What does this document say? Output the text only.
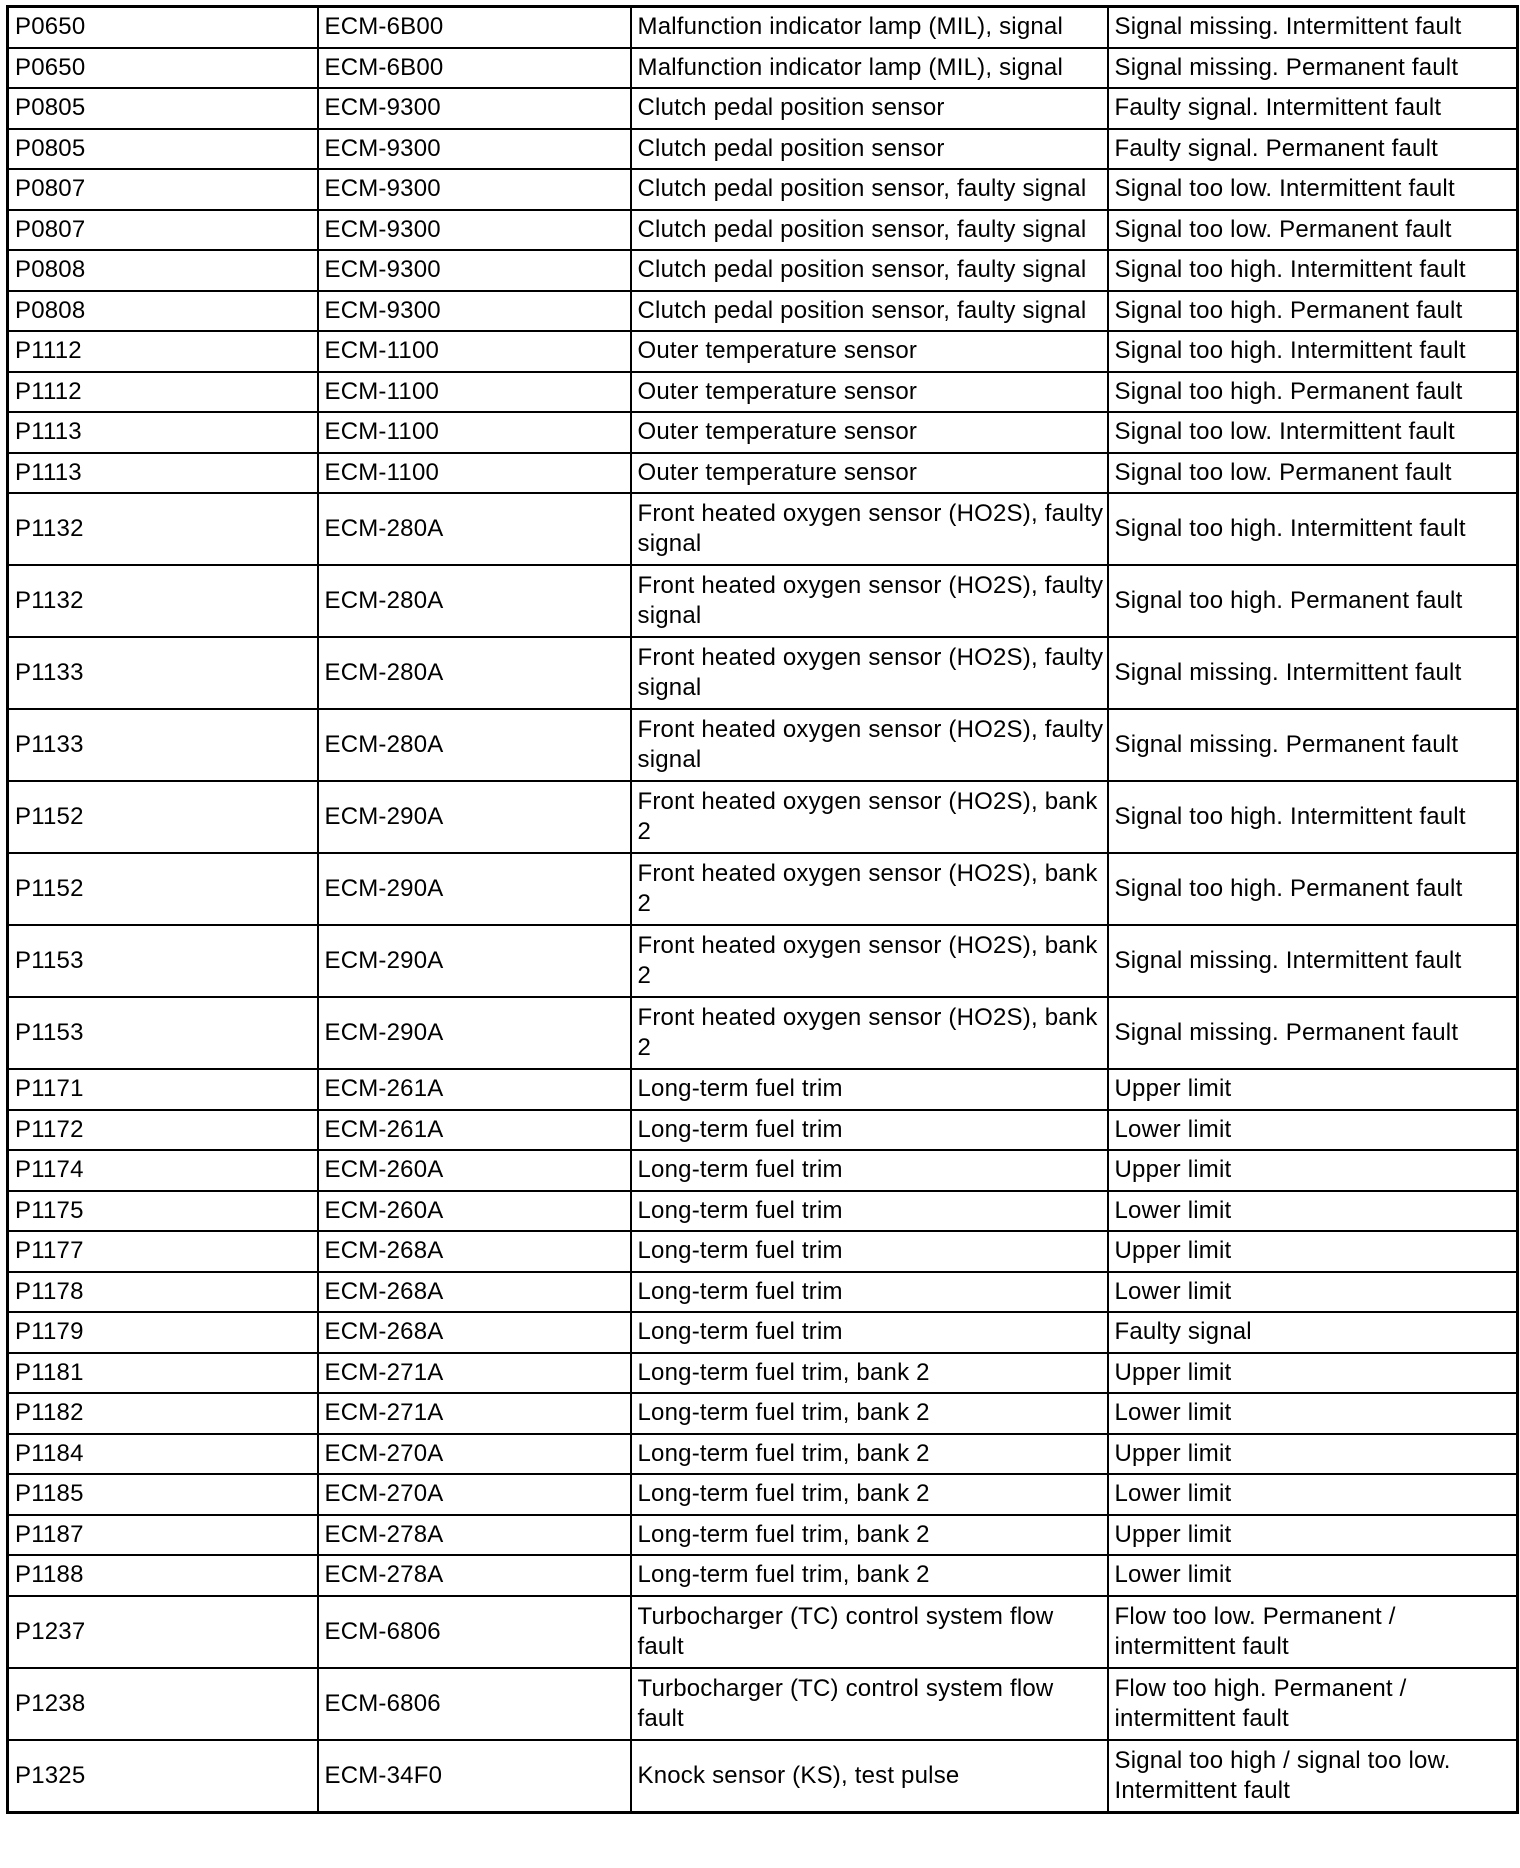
P0650	ECM-6B00	Malfunction indicator lamp (MIL), signal	Signal missing. Intermittent fault
P0650	ECM-6B00	Malfunction indicator lamp (MIL), signal	Signal missing. Permanent fault
P0805	ECM-9300	Clutch pedal position sensor	Faulty signal. Intermittent fault
P0805	ECM-9300	Clutch pedal position sensor	Faulty signal. Permanent fault
P0807	ECM-9300	Clutch pedal position sensor, faulty signal	Signal too low. Intermittent fault
P0807	ECM-9300	Clutch pedal position sensor, faulty signal	Signal too low. Permanent fault
P0808	ECM-9300	Clutch pedal position sensor, faulty signal	Signal too high. Intermittent fault
P0808	ECM-9300	Clutch pedal position sensor, faulty signal	Signal too high. Permanent fault
P1112	ECM-1100	Outer temperature sensor	Signal too high. Intermittent fault
P1112	ECM-1100	Outer temperature sensor	Signal too high. Permanent fault
P1113	ECM-1100	Outer temperature sensor	Signal too low. Intermittent fault
P1113	ECM-1100	Outer temperature sensor	Signal too low. Permanent fault
P1132	ECM-280A	Front heated oxygen sensor (HO2S), faulty signal	Signal too high. Intermittent fault
P1132	ECM-280A	Front heated oxygen sensor (HO2S), faulty signal	Signal too high. Permanent fault
P1133	ECM-280A	Front heated oxygen sensor (HO2S), faulty signal	Signal missing. Intermittent fault
P1133	ECM-280A	Front heated oxygen sensor (HO2S), faulty signal	Signal missing. Permanent fault
P1152	ECM-290A	Front heated oxygen sensor (HO2S), bank 2	Signal too high. Intermittent fault
P1152	ECM-290A	Front heated oxygen sensor (HO2S), bank 2	Signal too high. Permanent fault
P1153	ECM-290A	Front heated oxygen sensor (HO2S), bank 2	Signal missing. Intermittent fault
P1153	ECM-290A	Front heated oxygen sensor (HO2S), bank 2	Signal missing. Permanent fault
P1171	ECM-261A	Long-term fuel trim	Upper limit
P1172	ECM-261A	Long-term fuel trim	Lower limit
P1174	ECM-260A	Long-term fuel trim	Upper limit
P1175	ECM-260A	Long-term fuel trim	Lower limit
P1177	ECM-268A	Long-term fuel trim	Upper limit
P1178	ECM-268A	Long-term fuel trim	Lower limit
P1179	ECM-268A	Long-term fuel trim	Faulty signal
P1181	ECM-271A	Long-term fuel trim, bank 2	Upper limit
P1182	ECM-271A	Long-term fuel trim, bank 2	Lower limit
P1184	ECM-270A	Long-term fuel trim, bank 2	Upper limit
P1185	ECM-270A	Long-term fuel trim, bank 2	Lower limit
P1187	ECM-278A	Long-term fuel trim, bank 2	Upper limit
P1188	ECM-278A	Long-term fuel trim, bank 2	Lower limit
P1237	ECM-6806	Turbocharger (TC) control system flow fault	Flow too low. Permanent / intermittent fault
P1238	ECM-6806	Turbocharger (TC) control system flow fault	Flow too high. Permanent / intermittent fault
P1325	ECM-34F0	Knock sensor (KS), test pulse	Signal too high / signal too low. Intermittent fault
